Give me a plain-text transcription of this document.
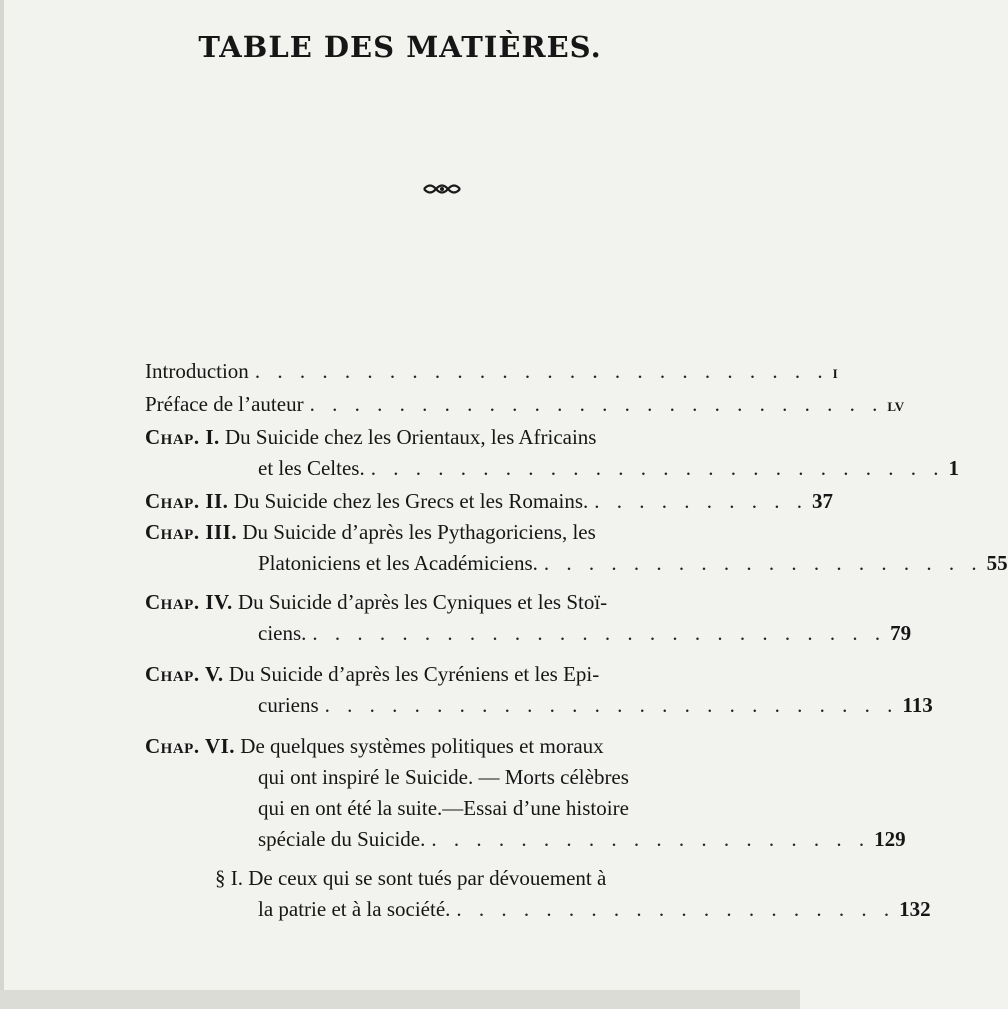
TABLE DES MATIÈRES.
Introduction . . . . . . . . . . . . . . . . . . . . . . . . . . I
Préface de l’auteur . . . . . . . . . . . . . . . . . . . . . . . . . . LV
Chap. I. Du Suicide chez les Orientaux, les Africains
et les Celtes. . . . . . . . . . . . . . . . . . . . . . . . . . . 1
Chap. II. Du Suicide chez les Grecs et les Romains. . . . . . . . . . . 37
Chap. III. Du Suicide d’après les Pythagoriciens, les
Platoniciens et les Académiciens. . . . . . . . . . . . . . . . . . . . . 55
Chap. IV. Du Suicide d’après les Cyniques et les Stoï-
ciens. . . . . . . . . . . . . . . . . . . . . . . . . . . 79
Chap. V. Du Suicide d’après les Cyréniens et les Epi-
curiens . . . . . . . . . . . . . . . . . . . . . . . . . . 113
Chap. VI. De quelques systèmes politiques et moraux
qui ont inspiré le Suicide. — Morts célèbres
qui en ont été la suite.—Essai d’une histoire
spéciale du Suicide. . . . . . . . . . . . . . . . . . . . . 129
§ I. De ceux qui se sont tués par dévouement à
la patrie et à la société. . . . . . . . . . . . . . . . . . . . . 132
